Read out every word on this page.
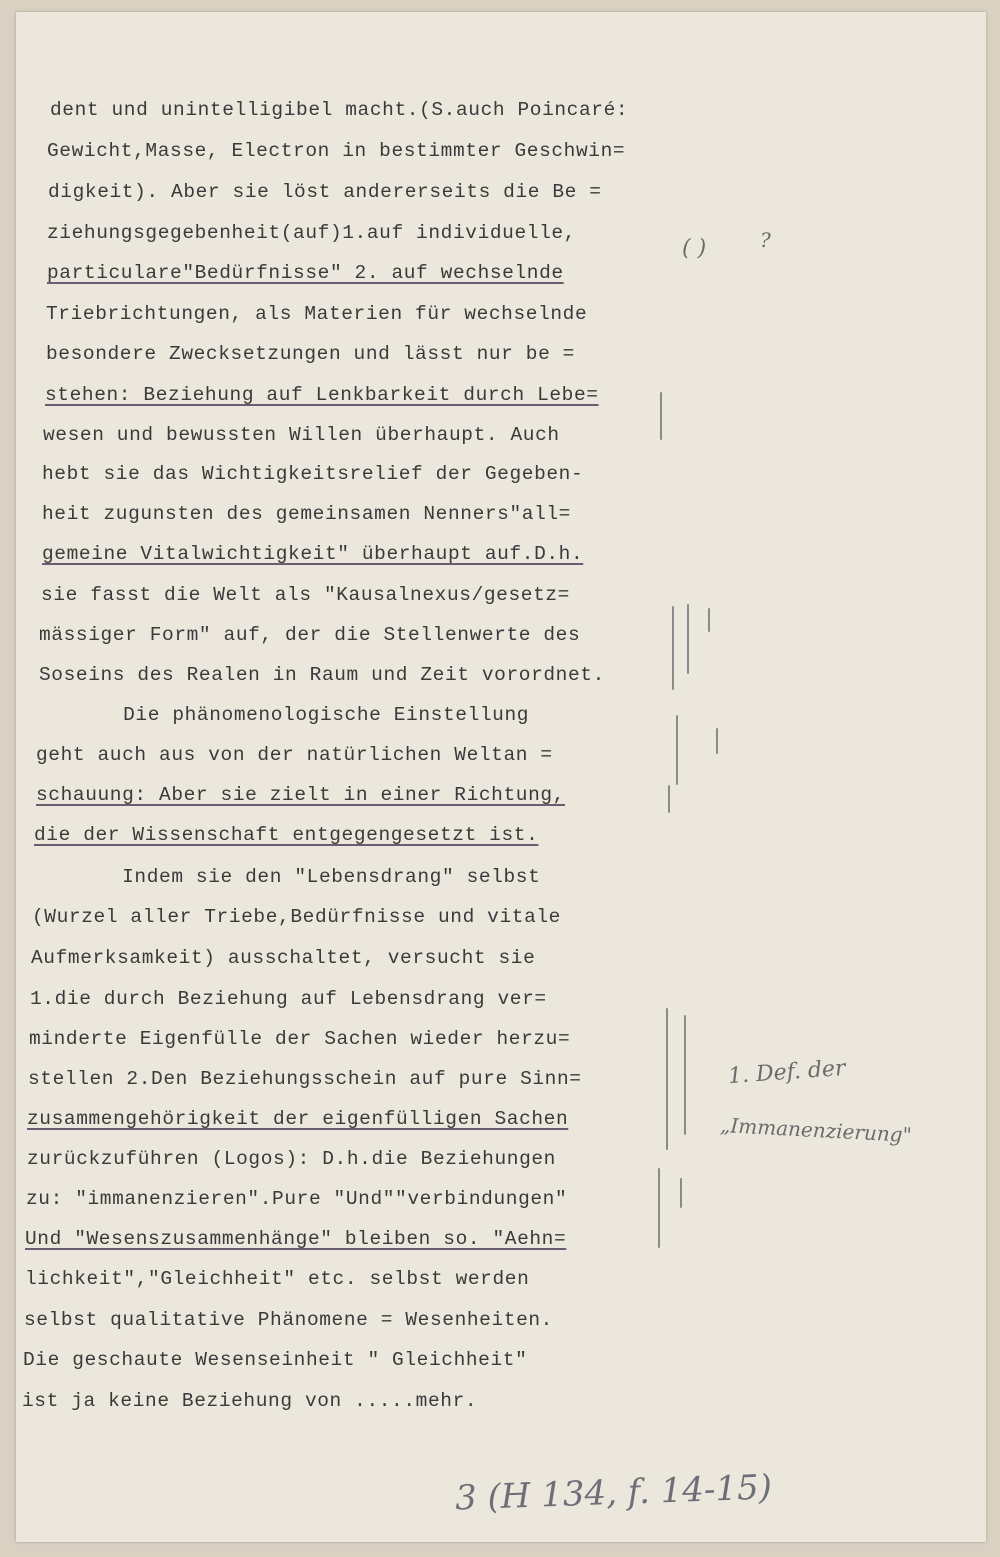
dent und unintelligibel macht.(S.auch Poincaré:
Gewicht,Masse, Electron in bestimmter Geschwin=
digkeit). Aber sie löst andererseits die Be =
ziehungsgegebenheit(auf)1.auf individuelle,
particulare"Bedürfnisse" 2. auf wechselnde
Triebrichtungen, als Materien für wechselnde
besondere Zwecksetzungen und lässt nur be =
stehen: Beziehung auf Lenkbarkeit durch Lebe=
wesen und bewussten Willen überhaupt. Auch
hebt sie das Wichtigkeitsrelief der Gegeben-
heit zugunsten des gemeinsamen Nenners"all=
gemeine Vitalwichtigkeit" überhaupt auf.D.h.
sie fasst die Welt als "Kausalnexus/gesetz=
mässiger Form" auf, der die Stellenwerte des
Soseins des Realen in Raum und Zeit vorordnet.
Die phänomenologische Einstellung
geht auch aus von der natürlichen Weltan =
schauung: Aber sie zielt in einer Richtung,
die der Wissenschaft entgegengesetzt ist.
Indem sie den "Lebensdrang" selbst
(Wurzel aller Triebe,Bedürfnisse und vitale
Aufmerksamkeit) ausschaltet, versucht sie
1.die durch Beziehung auf Lebensdrang ver=
minderte Eigenfülle der Sachen wieder herzu=
stellen 2.Den Beziehungsschein auf pure Sinn=
zusammengehörigkeit der eigenfülligen Sachen
zurückzuführen (Logos): D.h.die Beziehungen
zu: "immanenzieren".Pure "Und""verbindungen"
Und "Wesenszusammenhänge" bleiben so. "Aehn=
lichkeit","Gleichheit" etc. selbst werden
selbst qualitative Phänomene = Wesenheiten.
Die geschaute Wesenseinheit " Gleichheit"
ist ja keine Beziehung von .....mehr.
( )	?
1. Def. der
„Immanenzierung"
3 (H 134, f. 14-15)
